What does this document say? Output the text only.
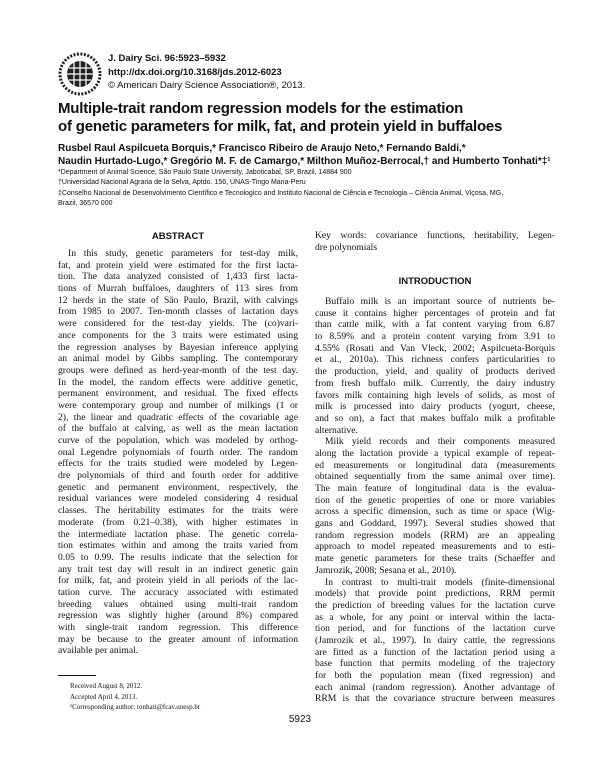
J. Dairy Sci. 96:5923–5932
http://dx.doi.org/10.3168/jds.2012-6023
© American Dairy Science Association®, 2013.
Multiple-trait random regression models for the estimation
of genetic parameters for milk, fat, and protein yield in buffaloes
Rusbel Raul Aspilcueta Borquis,* Francisco Ribeiro de Araujo Neto,* Fernando Baldi,*
Naudin Hurtado-Lugo,* Gregório M. F. de Camargo,* Milthon Muñoz-Berrocal,† and Humberto Tonhati*‡¹
*Department of Animal Science, São Paulo State University, Jaboticabal, SP, Brazil, 14884 900
†Universidad Nacional Agraria de la Selva, Aptdo. 156, UNAS-Tingo Maria-Peru
‡Conselho Nacional de Desenvolvimento Científico e Tecnologico and Instituto Nacional de Ciência e Tecnologia – Ciência Animal, Viçosa, MG,
Brazil, 36570 000
ABSTRACT
In this study, genetic parameters for test-day milk,
fat, and protein yield were estimated for the first lacta-
tion. The data analyzed consisted of 1,433 first lacta-
tions of Murrah buffaloes, daughters of 113 sires from
12 herds in the state of São Paulo, Brazil, with calvings
from 1985 to 2007. Ten-month classes of lactation days
were considered for the test-day yields. The (co)vari-
ance components for the 3 traits were estimated using
the regression analyses by Bayesian inference applying
an animal model by Gibbs sampling. The contemporary
groups were defined as herd-year-month of the test day.
In the model, the random effects were additive genetic,
permanent environment, and residual. The fixed effects
were contemporary group and number of milkings (1 or
2), the linear and quadratic effects of the covariable age
of the buffalo at calving, as well as the mean lactation
curve of the population, which was modeled by orthog-
onal Legendre polynomials of fourth order. The random
effects for the traits studied were modeled by Legen-
dre polynomials of third and fourth order for additive
genetic and permanent environment, respectively, the
residual variances were modeled considering 4 residual
classes. The heritability estimates for the traits were
moderate (from 0.21–0.38), with higher estimates in
the intermediate lactation phase. The genetic correla-
tion estimates within and among the traits varied from
0.05 to 0.99. The results indicate that the selection for
any trait test day will result in an indirect genetic gain
for milk, fat, and protein yield in all periods of the lac-
tation curve. The accuracy associated with estimated
breeding values obtained using multi-trait random
regression was slightly higher (around 8%) compared
with single-trait random regression. This difference
may be because to the greater amount of information
available per animal.
Key words: covariance functions, heritability, Legen-
dre polynomials
INTRODUCTION
Buffalo milk is an important source of nutrients be-
cause it contains higher percentages of protein and fat
than cattle milk, with a fat content varying from 6.87
to 8.59% and a protein content varying from 3.91 to
4.55% (Rosati and Van Vleck, 2002; Aspilcueta-Borquis
et al., 2010a). This richness confers particularities to
the production, yield, and quality of products derived
from fresh buffalo milk. Currently, the dairy industry
favors milk containing high levels of solids, as most of
milk is processed into dairy products (yogurt, cheese,
and so on), a fact that makes buffalo milk a profitable
alternative.
Milk yield records and their components measured
along the lactation provide a typical example of repeat-
ed measurements or longitudinal data (measurements
obtained sequentially from the same animal over time).
The main feature of longitudinal data is the evalua-
tion of the genetic properties of one or more variables
across a specific dimension, such as time or space (Wig-
gans and Goddard, 1997). Several studies showed that
random regression models (RRM) are an appealing
approach to model repeated measurements and to esti-
mate genetic parameters for these traits (Schaeffer and
Jamrozik, 2008; Sesana et al., 2010).
In contrast to multi-trait models (finite-dimensional
models) that provide point predictions, RRM permit
the prediction of breeding values for the lactation curve
as a whole, for any point or interval within the lacta-
tion period, and for functions of the lactation curve
(Jamrozik et al., 1997). In dairy cattle, the regressions
are fitted as a function of the lactation period using a
base function that permits modeling of the trajectory
for both the population mean (fixed regression) and
each animal (random regression). Another advantage of
RRM is that the covariance structure between measures
Received August 8, 2012.
Accepted April 4, 2013.
¹Corresponding author: tonhati@fcav.unesp.br
5923
